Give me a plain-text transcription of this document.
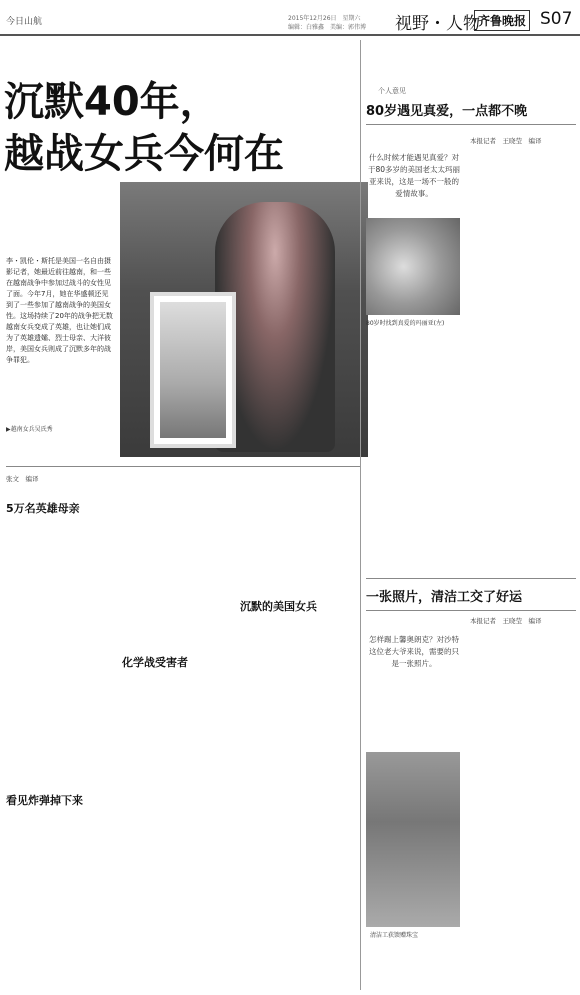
今日山航	2015年12月26日　星期六
编辑：白雅鑫　美编：郭伟博	视野・人物
齐鲁晚报 S07
沉默40年，
越战女兵今何在
李・凯伦・斯托是美国一名自由摄影记者，她最近前往越南，和一些在越南战争中参加过战斗的女性见了面。今年7月，她在华盛顿还见到了一些参加了越南战争的美国女性。这场持续了20年的战争把无数越南女兵变成了英雄，也让她们成为了英雄遗孀、烈士母亲、大洋彼岸，美国女兵则成了沉默多年的战争罪犯。
▶越南女兵吴氏秀
张文　编译
5万名英雄母亲
看见炸弹掉下来
化学战受害者
沉默的美国女兵
个人意见
80岁遇见真爱，一点都不晚
什么时候才能遇见真爱？对于80多岁的美国老太太玛丽亚来说，这是一场不一般的爱情故事。
本报记者　王晓莹　编译
80岁时找到真爱的玛丽亚(左)
一张照片，清洁工交了好运
怎样踢上馨奥朗克？对沙特这位老大爷来说，需要的只是一张照片。
本报记者　王晓莹　编译
清洁工获馈赠珠宝
